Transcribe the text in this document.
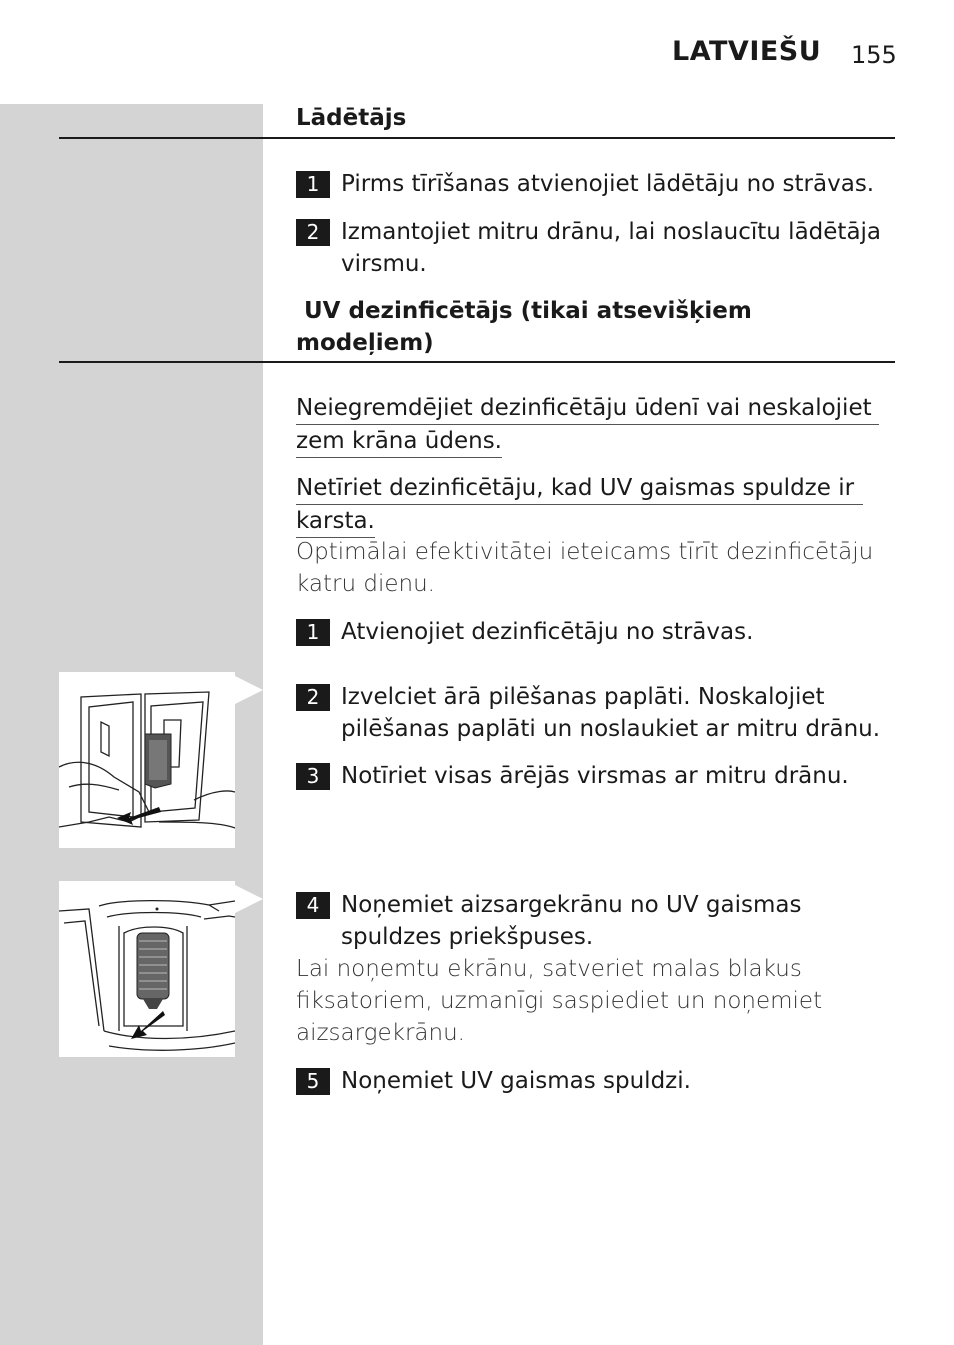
LATVIEŠU 155
Lādētājs
1 Pirms tīrīšanas atvienojiet lādētāju no strāvas.
2 Izmantojiet mitru drānu, lai noslaucītu lādētāja virsmu.
UV dezinficētājs (tikai atsevišķiem
modeļiem)
Neiegremdējiet dezinficētāju ūdenī vai neskalojiet
zem krāna ūdens.
Netīriet dezinficētāju, kad UV gaismas spuldze ir
karsta.
Optimālai efektivitātei ieteicams tīrīt dezinficētāju katru dienu.
1 Atvienojiet dezinficētāju no strāvas.
2 Izvelciet ārā pilēšanas paplāti. Noskalojiet pilēšanas paplāti un noslaukiet ar mitru drānu.
3 Notīriet visas ārējās virsmas ar mitru drānu.
4 Noņemiet aizsargekrānu no UV gaismas spuldzes priekšpuses.
Lai noņemtu ekrānu, satveriet malas blakus fiksatoriem, uzmanīgi saspiediet un noņemiet aizsargekrānu.
5 Noņemiet UV gaismas spuldzi.
